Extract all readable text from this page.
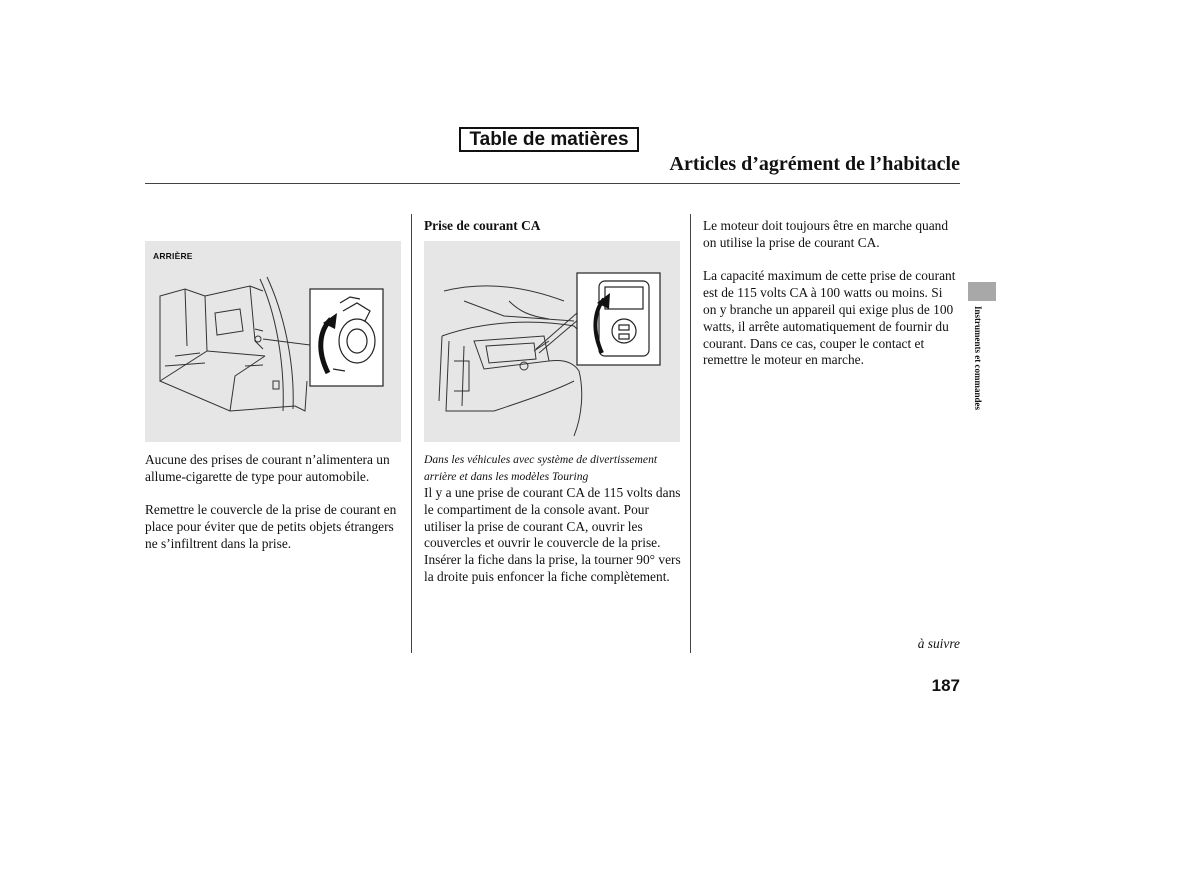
Table de matières
Articles d’agrément de l’habitacle
ARRIÈRE

Aucune des prises de courant n’alimentera un allume-cigarette de type pour automobile.

Remettre le couvercle de la prise de courant en place pour éviter que de petits objets étrangers ne s’infiltrent dans la prise.

Prise de courant CA
Dans les véhicules avec système de divertissement arrière et dans les modèles Touring

Il y a une prise de courant CA de 115 volts dans le compartiment de la console avant. Pour utiliser la prise de courant CA, ouvrir les couvercles et ouvrir le couvercle de la prise. Insérer la fiche dans la prise, la tourner 90° vers la droite puis enfoncer la fiche complètement.

Le moteur doit toujours être en marche quand on utilise la prise de courant CA.

La capacité maximum de cette prise de courant est de 115 volts CA à 100 watts ou moins. Si on y branche un appareil qui exige plus de 100 watts, il arrête automatiquement de fournir du courant. Dans ce cas, couper le contact et remettre le moteur en marche.	Instruments et commandes
à suivre
187
